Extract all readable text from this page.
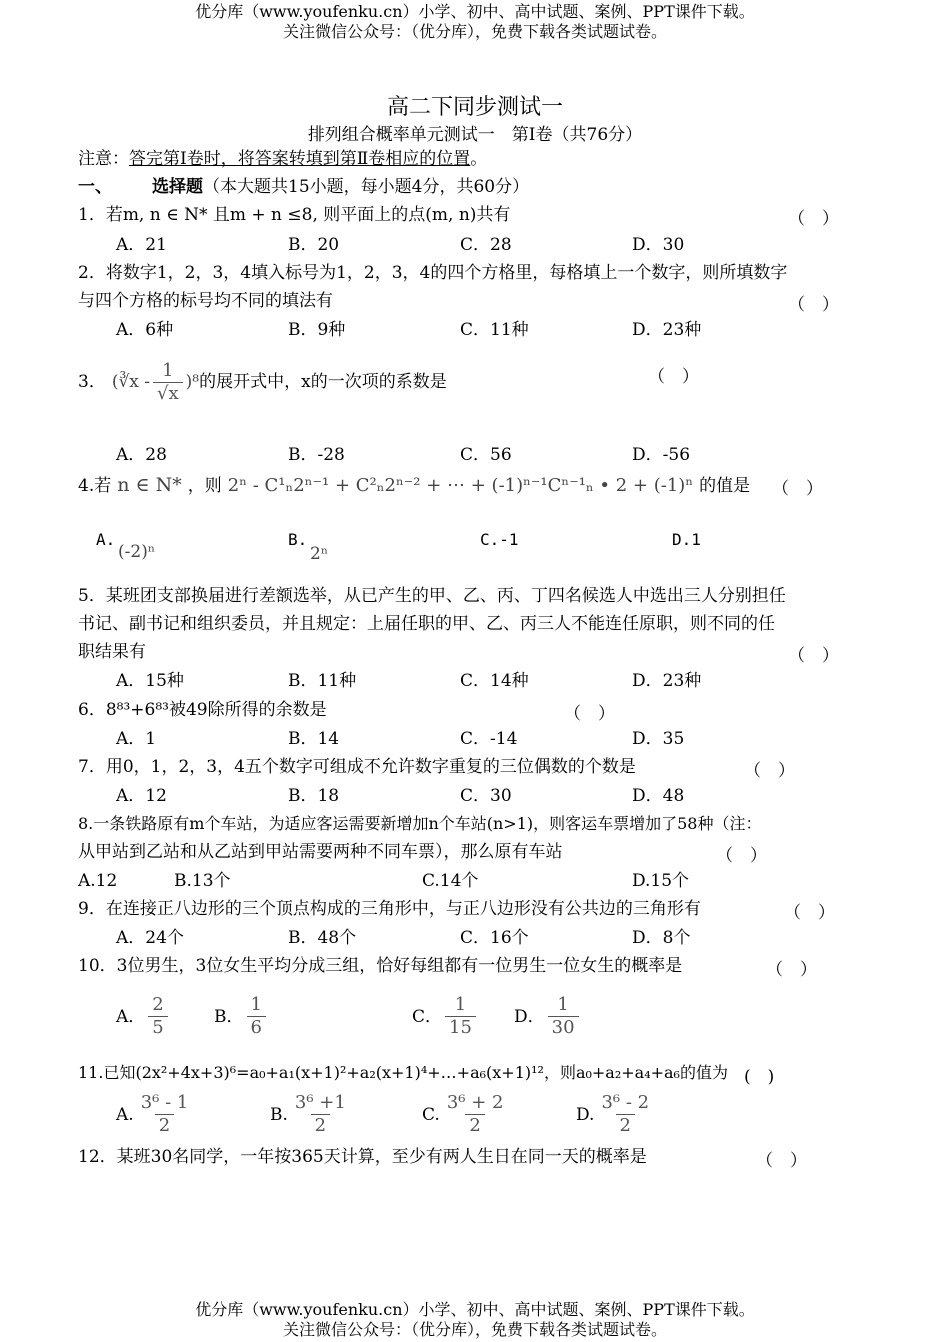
优分库（www.youfenku.cn）小学、初中、高中试题、案例、PPT课件下载。
关注微信公众号：（优分库），免费下载各类试题试卷。
高二下同步测试一
排列组合概率单元测试一　第Ⅰ卷（共76分）
注意：答完第Ⅰ卷时，将答案转填到第Ⅱ卷相应的位置。
一、 选择题（本大题共15小题，每小题4分，共60分）
1．若m, n ∈ N* 且m + n ≤8, 则平面上的点(m, n)共有	（　）
A．21	B．20	C．28	D．30
2．将数字1，2，3，4填入标号为1，2，3，4的四个方格里，每格填上一个数字，则所填数字
与四个方格的标号均不同的填法有	（　）
A．6种	B．9种	C．11种	D．23种
3． (∛x - $\frac{1}{√x} )^8$ 的展开式中，x的一次项的系数是	（　）
A．28	B．-28	C．56	D．-56
4.若 n ∈ N* ，则 2ⁿ - C¹ₙ2ⁿ⁻¹ + C²ₙ2ⁿ⁻² + ⋯ + (-1)ⁿ⁻¹Cⁿ⁻¹ₙ • 2 + (-1)ⁿ 的值是 （　）
A.
(-2)ⁿ
B.
2ⁿ
C.-1	D.1
5．某班团支部换届进行差额选举，从已产生的甲、乙、丙、丁四名候选人中选出三人分别担任
书记、副书记和组织委员，并且规定：上届任职的甲、乙、丙三人不能连任原职，则不同的任
职结果有	（　）
A．15种	B．11种	C．14种	D．23种
6．8⁸³+6⁸³被49除所得的余数是	（　）
A．1	B．14	C．-14	D．35
7．用0，1，2，3，4五个数字可组成不允许数字重复的三位偶数的个数是	（　）
A．12	B．18	C．30	D．48
8.一条铁路原有m个车站，为适应客运需要新增加n个车站(n>1)，则客运车票增加了58种（注：
从甲站到乙站和从乙站到甲站需要两种不同车票），那么原有车站	（　）
A.12	B.13个	C.14个	D.15个
9．在连接正八边形的三个顶点构成的三角形中，与正八边形没有公共边的三角形有	（　）
A．24个	B．48个	C．16个	D．8个
10．3位男生，3位女生平均分成三组，恰好每组都有一位男生一位女生的概率是	（　）
A． $\frac{2}{5}$	B． $\frac{1}{6}$	C． $\frac{1}{15}$ D． $\frac{1}{30}$
11.已知(2x²+4x+3)⁶=a₀+a₁(x+1)²+a₂(x+1)⁴+…+a₆(x+1)¹²，则a₀+a₂+a₄+a₆的值为 (　)
A. $\frac{\text{3⁶ - 1}}{2}$	B. $\frac{\text{3⁶ +1}}{2}$	C. $\frac{\text{3⁶ + 2}}{2}$	D. $\frac{\text{3⁶ - 2}}{2}$
12．某班30名同学，一年按365天计算，至少有两人生日在同一天的概率是	（　）
优分库（www.youfenku.cn）小学、初中、高中试题、案例、PPT课件下载。
关注微信公众号：（优分库），免费下载各类试题试卷。
